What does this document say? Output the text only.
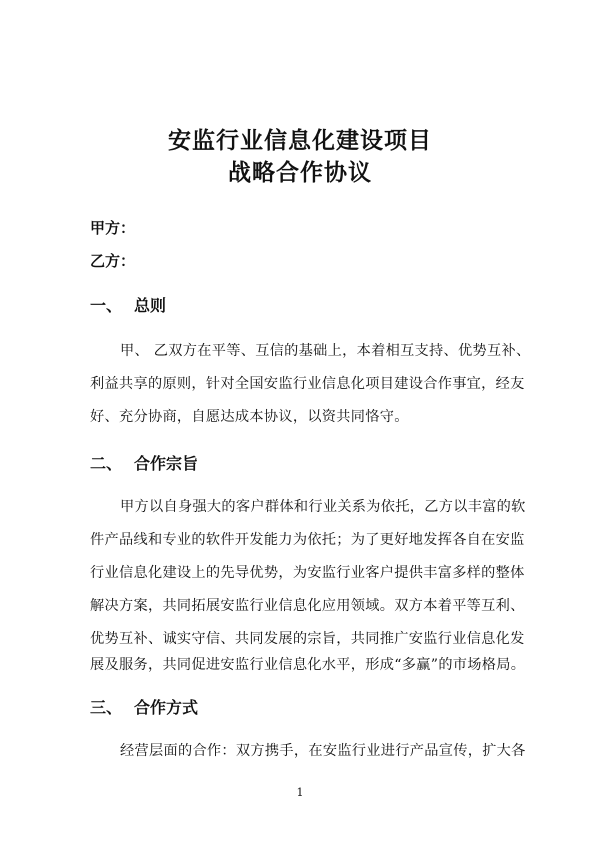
安监行业信息化建设项目
战略合作协议
甲方：
乙方：
一、 总则
甲、 乙双方在平等、互信的基础上，本着相互支持、优势互补、
利益共享的原则，针对全国安监行业信息化项目建设合作事宜，经友
好、充分协商，自愿达成本协议，以资共同恪守。
二、 合作宗旨
甲方以自身强大的客户群体和行业关系为依托，乙方以丰富的软
件产品线和专业的软件开发能力为依托；为了更好地发挥各自在安监
行业信息化建设上的先导优势，为安监行业客户提供丰富多样的整体
解决方案，共同拓展安监行业信息化应用领域。双方本着平等互利、
优势互补、诚实守信、共同发展的宗旨，共同推广安监行业信息化发
展及服务，共同促进安监行业信息化水平，形成“多赢”的市场格局。
三、 合作方式
经营层面的合作：双方携手，在安监行业进行产品宣传，扩大各
1
